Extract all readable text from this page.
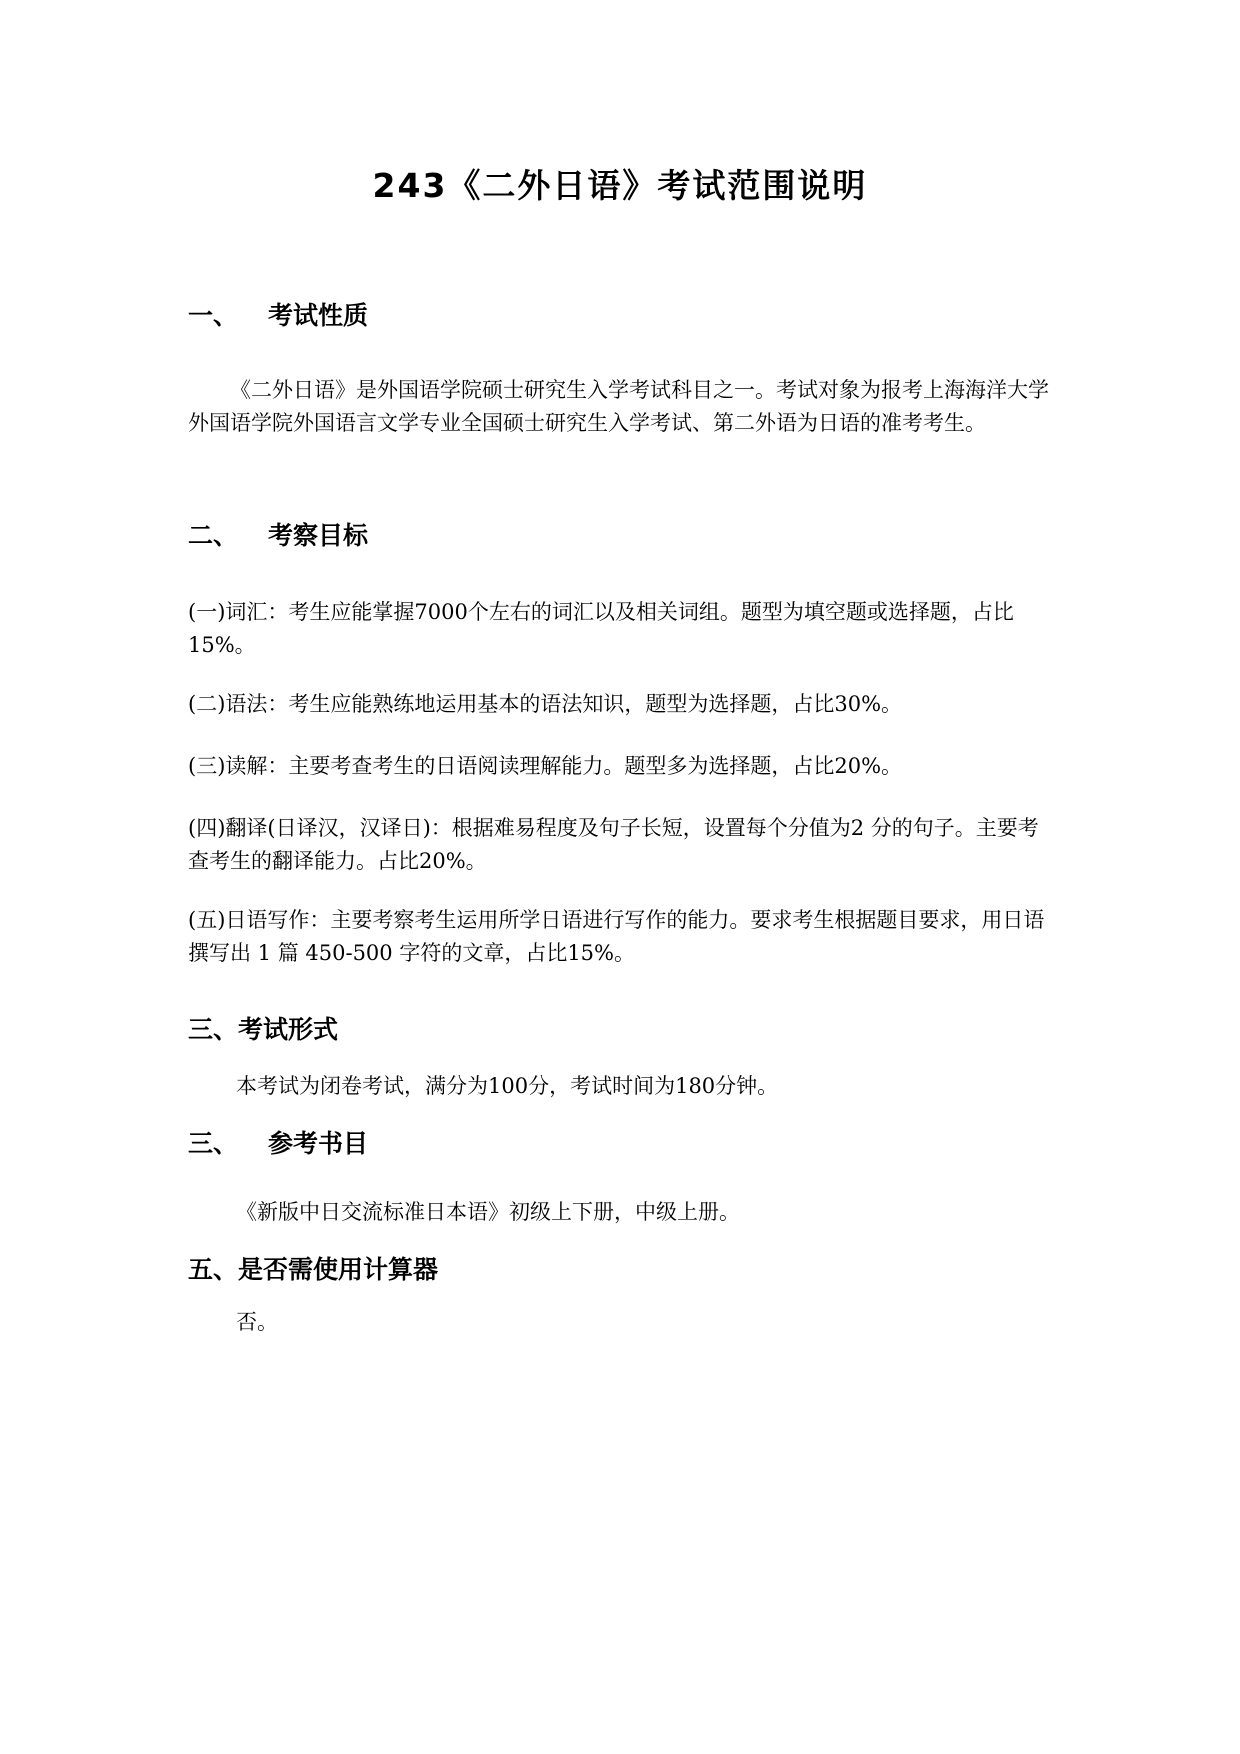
243《二外日语》考试范围说明
一、 考试性质
《二外日语》是外国语学院硕士研究生入学考试科目之一。考试对象为报考上海海洋大学外国语学院外国语言文学专业全国硕士研究生入学考试、第二外语为日语的准考考生。
二、 考察目标
(一)词汇：考生应能掌握7000个左右的词汇以及相关词组。题型为填空题或选择题，占比15%。
(二)语法：考生应能熟练地运用基本的语法知识，题型为选择题，占比30%。
(三)读解：主要考查考生的日语阅读理解能力。题型多为选择题，占比20%。
(四)翻译(日译汉，汉译日)：根据难易程度及句子长短，设置每个分值为2 分的句子。主要考查考生的翻译能力。占比20%。
(五)日语写作：主要考察考生运用所学日语进行写作的能力。要求考生根据题目要求，用日语撰写出 1 篇 450-500 字符的文章，占比15%。
三、考试形式
本考试为闭卷考试，满分为100分，考试时间为180分钟。
三、 参考书目
《新版中日交流标准日本语》初级上下册，中级上册。
五、是否需使用计算器
否。
